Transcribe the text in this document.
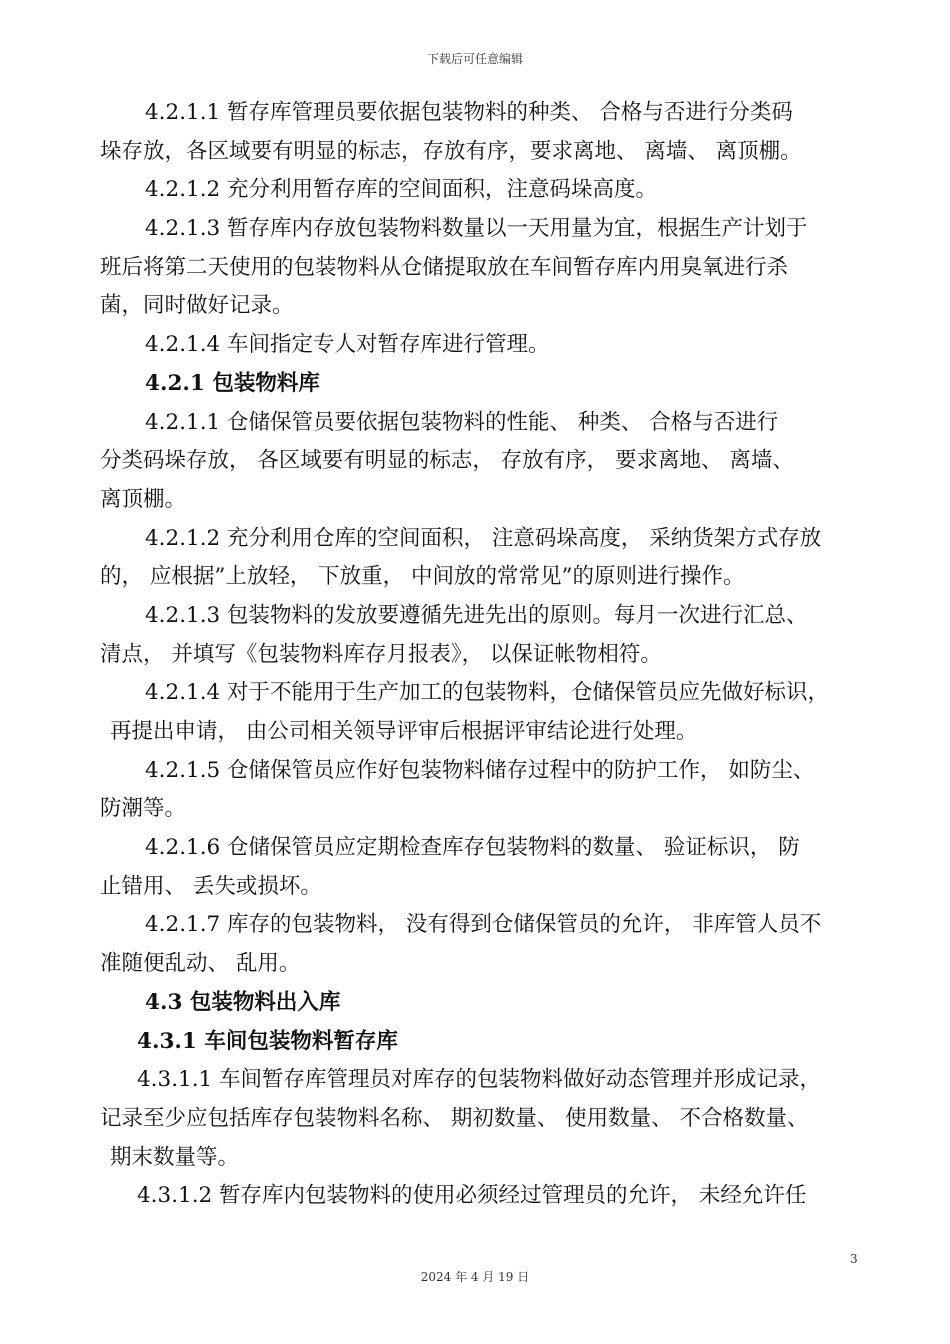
下载后可任意编辑
4.2.1.1 暂存库管理员要依据包装物料的种类、 合格与否进行分类码
垛存放，各区域要有明显的标志，存放有序，要求离地、 离墙、 离顶棚。
4.2.1.2 充分利用暂存库的空间面积，注意码垛高度。
4.2.1.3 暂存库内存放包装物料数量以一天用量为宜，根据生产计划于
班后将第二天使用的包装物料从仓储提取放在车间暂存库内用臭氧进行杀
菌，同时做好记录。
4.2.1.4 车间指定专人对暂存库进行管理。
4.2.1 包装物料库
4.2.1.1 仓储保管员要依据包装物料的性能、 种类、 合格与否进行
分类码垛存放， 各区域要有明显的标志， 存放有序， 要求离地、 离墙、
离顶棚。
4.2.1.2 充分利用仓库的空间面积， 注意码垛高度， 采纳货架方式存放
的， 应根据”上放轻， 下放重， 中间放的常常见”的原则进行操作。
4.2.1.3 包装物料的发放要遵循先进先出的原则。每月一次进行汇总、
清点， 并填写《包装物料库存月报表》， 以保证帐物相符。
4.2.1.4 对于不能用于生产加工的包装物料，仓储保管员应先做好标识，
再提出申请， 由公司相关领导评审后根据评审结论进行处理。
4.2.1.5 仓储保管员应作好包装物料储存过程中的防护工作， 如防尘、
防潮等。
4.2.1.6 仓储保管员应定期检查库存包装物料的数量、 验证标识， 防
止错用、 丢失或损坏。
4.2.1.7 库存的包装物料， 没有得到仓储保管员的允许， 非库管人员不
准随便乱动、 乱用。
4.3 包装物料出入库
4.3.1 车间包装物料暂存库
4.3.1.1 车间暂存库管理员对库存的包装物料做好动态管理并形成记录，
记录至少应包括库存包装物料名称、 期初数量、 使用数量、 不合格数量、
期末数量等。
4.3.1.2 暂存库内包装物料的使用必须经过管理员的允许， 未经允许任
3
2024 年 4 月 19 日
